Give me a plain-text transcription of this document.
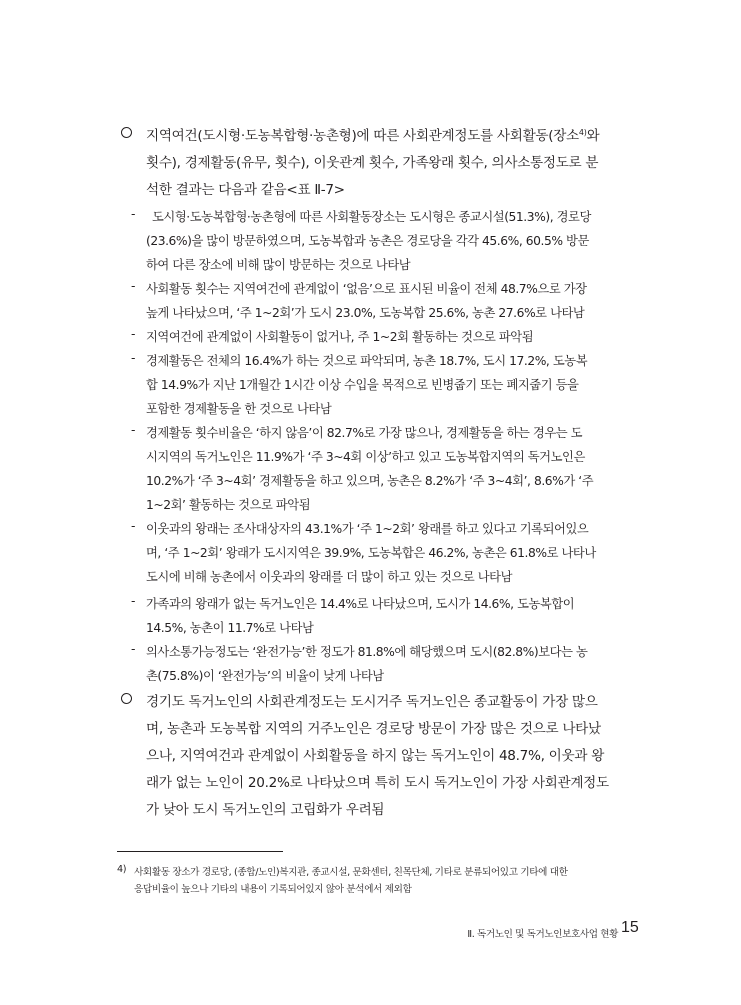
지역여건(도시형·도농복합형·농촌형)에 따른 사회관계정도를 사회활동(장소$^{4)}$와
횟수), 경제활동(유무, 횟수), 이웃관계 횟수, 가족왕래 횟수, 의사소통정도로 분
석한 결과는 다음과 같음<표 Ⅱ-7>
- 도시형·도농복합형·농촌형에 따른 사회활동장소는 도시형은 종교시설(51.3%), 경로당
(23.6%)을 많이 방문하였으며, 도농복합과 농촌은 경로당을 각각 45.6%, 60.5% 방문
하여 다른 장소에 비해 많이 방문하는 것으로 나타남
- 사회활동 횟수는 지역여건에 관계없이 ‘없음’으로 표시된 비율이 전체 48.7%으로 가장
높게 나타났으며, ‘주 1~2회’가 도시 23.0%, 도농복합 25.6%, 농촌 27.6%로 나타남
- 지역여건에 관계없이 사회활동이 없거나, 주 1~2회 활동하는 것으로 파악됨
- 경제활동은 전체의 16.4%가 하는 것으로 파악되며, 농촌 18.7%, 도시 17.2%, 도농복
합 14.9%가 지난 1개월간 1시간 이상 수입을 목적으로 빈병줍기 또는 폐지줍기 등을
포함한 경제활동을 한 것으로 나타남
- 경제활동 횟수비율은 ‘하지 않음’이 82.7%로 가장 많으나, 경제활동을 하는 경우는 도
시지역의 독거노인은 11.9%가 ‘주 3~4회 이상’하고 있고 도농복합지역의 독거노인은
10.2%가 ‘주 3~4회’ 경제활동을 하고 있으며, 농촌은 8.2%가 ‘주 3~4회’, 8.6%가 ‘주
1~2회’ 활동하는 것으로 파악됨
- 이웃과의 왕래는 조사대상자의 43.1%가 ‘주 1~2회’ 왕래를 하고 있다고 기록되어있으
며, ‘주 1~2회’ 왕래가 도시지역은 39.9%, 도농복합은 46.2%, 농촌은 61.8%로 나타나
도시에 비해 농촌에서 이웃과의 왕래를 더 많이 하고 있는 것으로 나타남
- 가족과의 왕래가 없는 독거노인은 14.4%로 나타났으며, 도시가 14.6%, 도농복합이
14.5%, 농촌이 11.7%로 나타남
- 의사소통가능정도는 ‘완전가능’한 정도가 81.8%에 해당했으며 도시(82.8%)보다는 농
촌(75.8%)이 ‘완전가능’의 비율이 낮게 나타남
경기도 독거노인의 사회관계정도는 도시거주 독거노인은 종교활동이 가장 많으
며, 농촌과 도농복합 지역의 거주노인은 경로당 방문이 가장 많은 것으로 나타났
으나, 지역여건과 관계없이 사회활동을 하지 않는 독거노인이 48.7%, 이웃과 왕
래가 없는 노인이 20.2%로 나타났으며 특히 도시 독거노인이 가장 사회관계정도
가 낮아 도시 독거노인의 고립화가 우려됨
4) 사회활동 장소가 경로당, (종합/노인)복지관, 종교시설, 문화센터, 친목단체, 기타로 분류되어있고 기타에 대한
응답비율이 높으나 기타의 내용이 기록되어있지 않아 분석에서 제외함
Ⅱ. 독거노인 및 독거노인보호사업 현황 15
